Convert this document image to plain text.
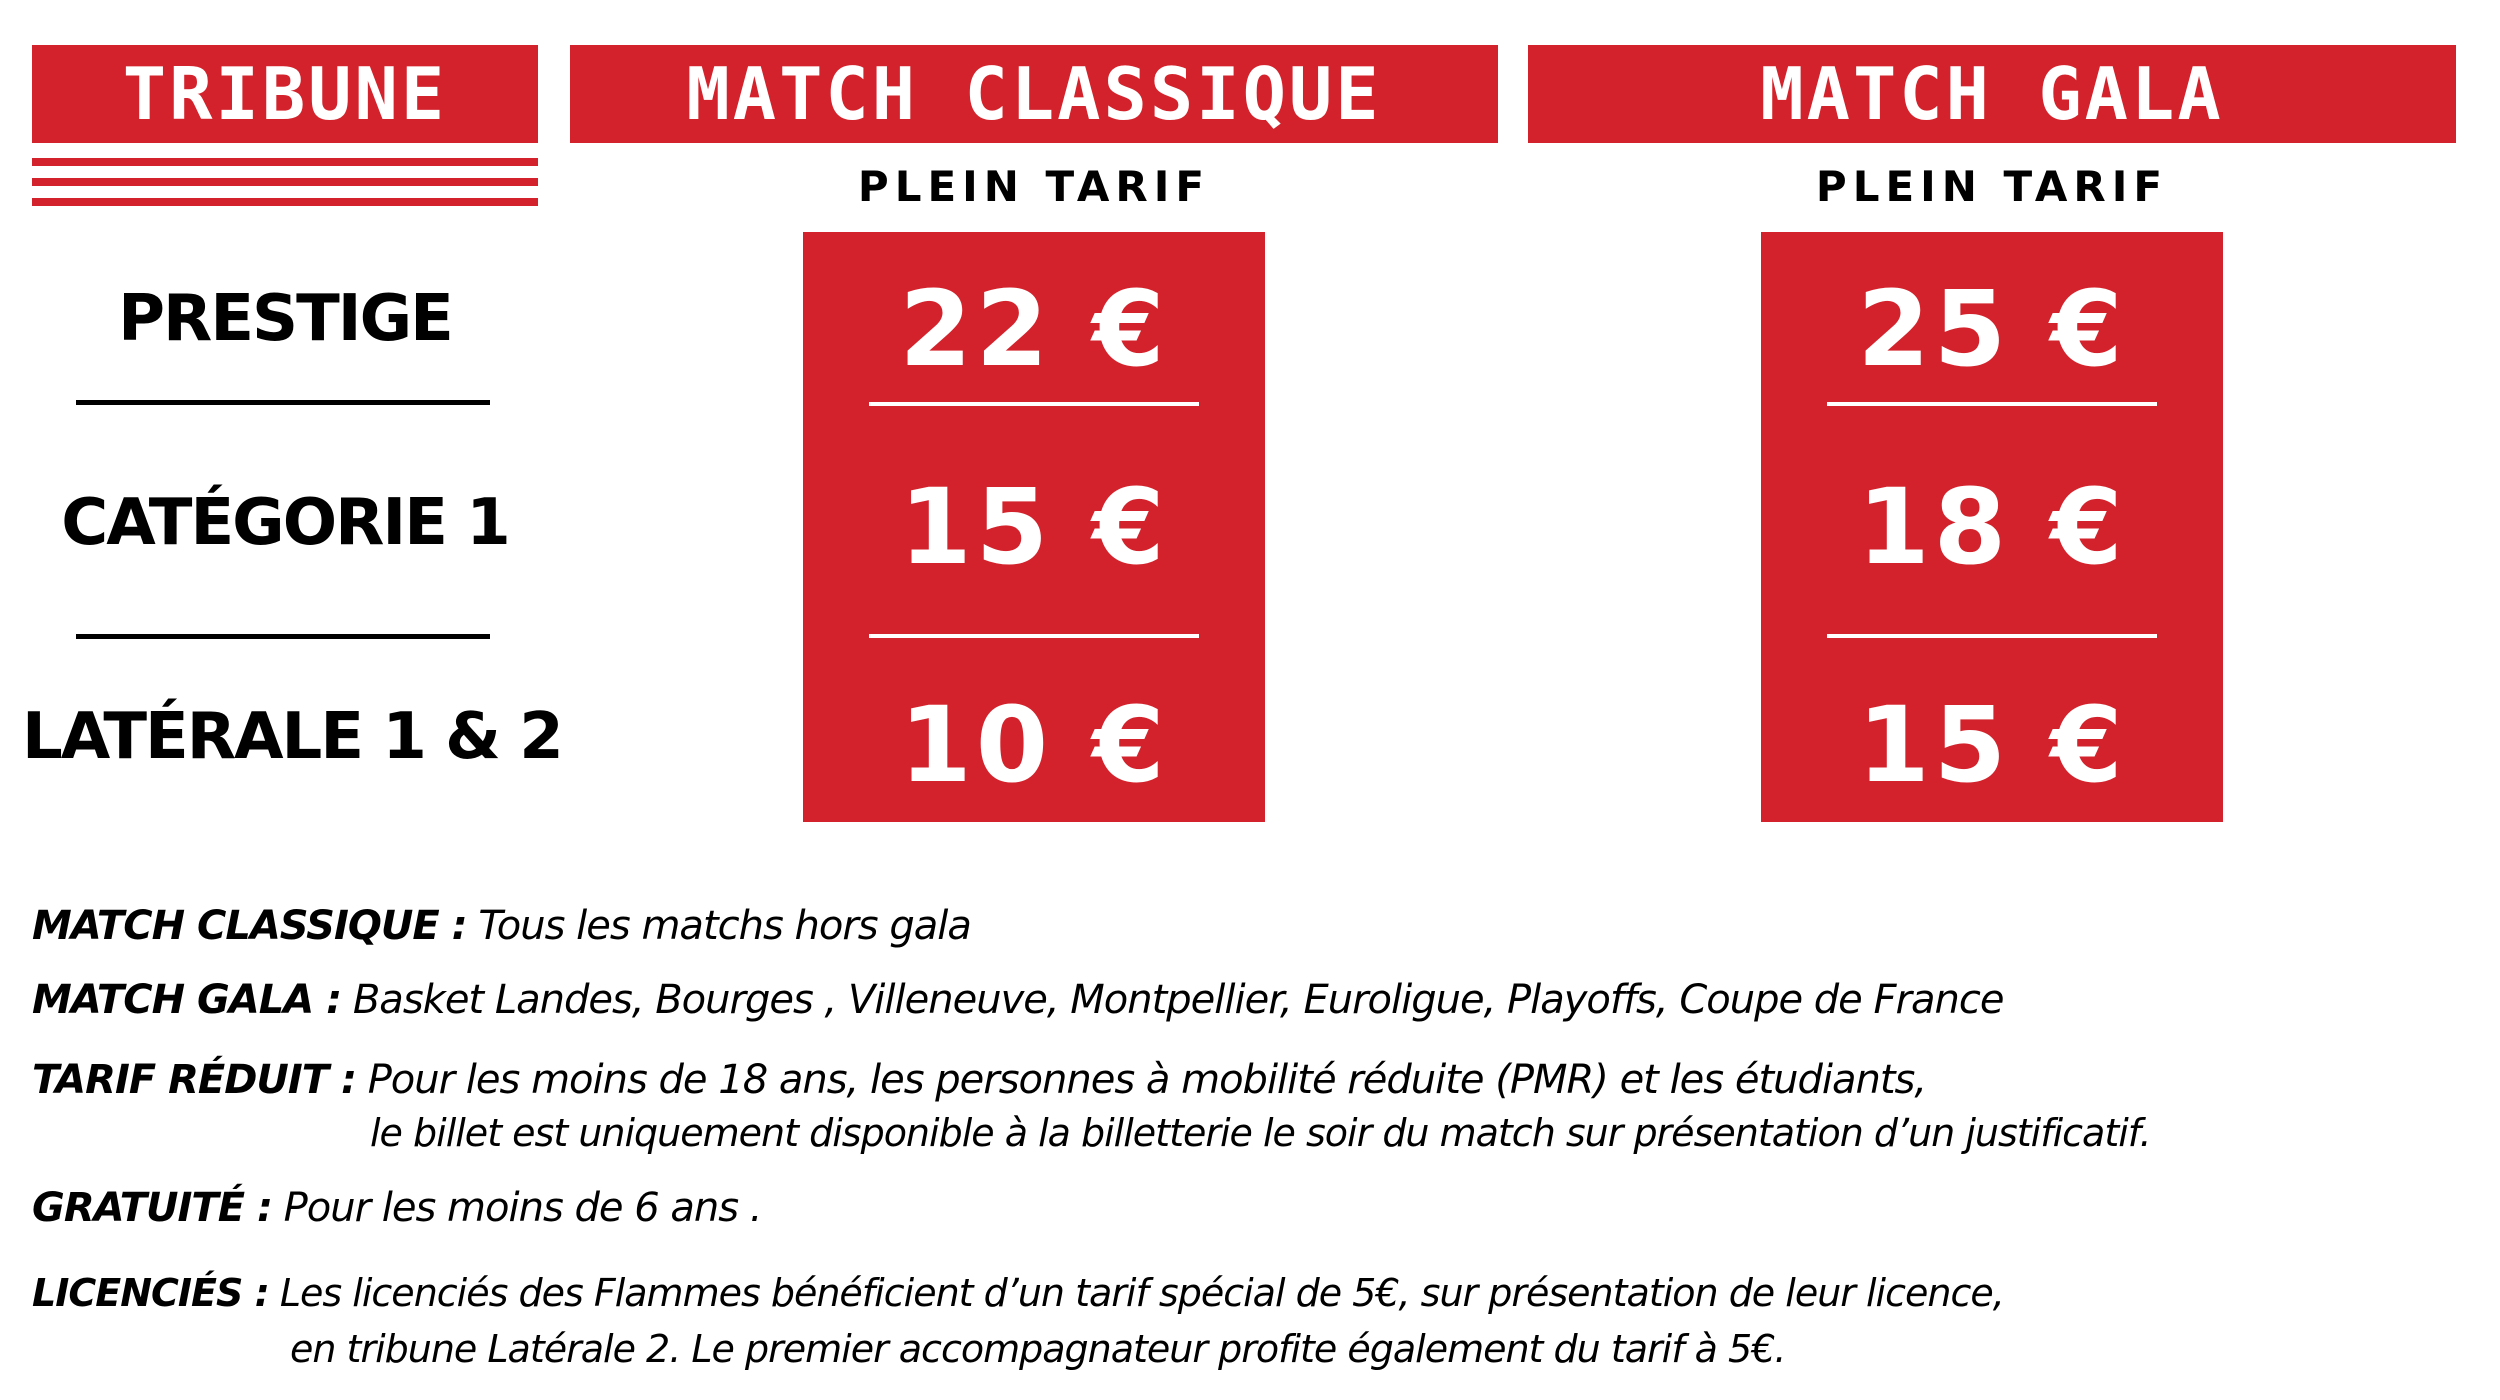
TRIBUNE	MATCH CLASSIQUE
PLEIN TARIF
MATCH GALA
PLEIN TARIF
PRESTIGE
CATÉGORIE 1
LATÉRALE 1 & 2
22 €
15 €
10 €
25 €
18 €
15 €
MATCH CLASSIQUE : Tous les matchs hors gala
MATCH GALA : Basket Landes, Bourges , Villeneuve, Montpellier, Euroligue, Playoffs, Coupe de France
TARIF RÉDUIT : Pour les moins de 18 ans, les personnes à mobilité réduite (PMR) et les étudiants,
le billet est uniquement disponible à la billetterie le soir du match sur présentation d’un justificatif.
GRATUITÉ : Pour les moins de 6 ans .
LICENCIÉS : Les licenciés des Flammes bénéficient d’un tarif spécial de 5€, sur présentation de leur licence,
en tribune Latérale 2. Le premier accompagnateur profite également du tarif à 5€.
